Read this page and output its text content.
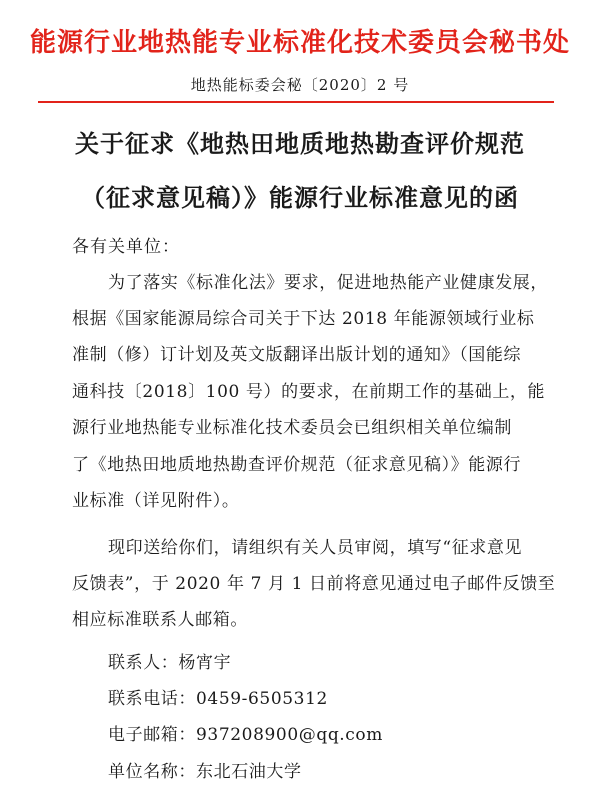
能源行业地热能专业标准化技术委员会秘书处
地热能标委会秘〔2020〕2 号
关于征求《地热田地质地热勘查评价规范
（征求意见稿）》能源行业标准意见的函
各有关单位：
为了落实《标准化法》要求，促进地热能产业健康发展，
根据《国家能源局综合司关于下达 2018 年能源领域行业标
准制（修）订计划及英文版翻译出版计划的通知》（国能综
通科技〔2018〕100 号）的要求，在前期工作的基础上，能
源行业地热能专业标准化技术委员会已组织相关单位编制
了《地热田地质地热勘查评价规范（征求意见稿）》能源行
业标准（详见附件）。
现印送给你们，请组织有关人员审阅，填写“征求意见
反馈表”，于 2020 年 7 月 1 日前将意见通过电子邮件反馈至
相应标准联系人邮箱。
联系人：杨宵宇
联系电话：0459-6505312
电子邮箱：937208900@qq.com
单位名称：东北石油大学
